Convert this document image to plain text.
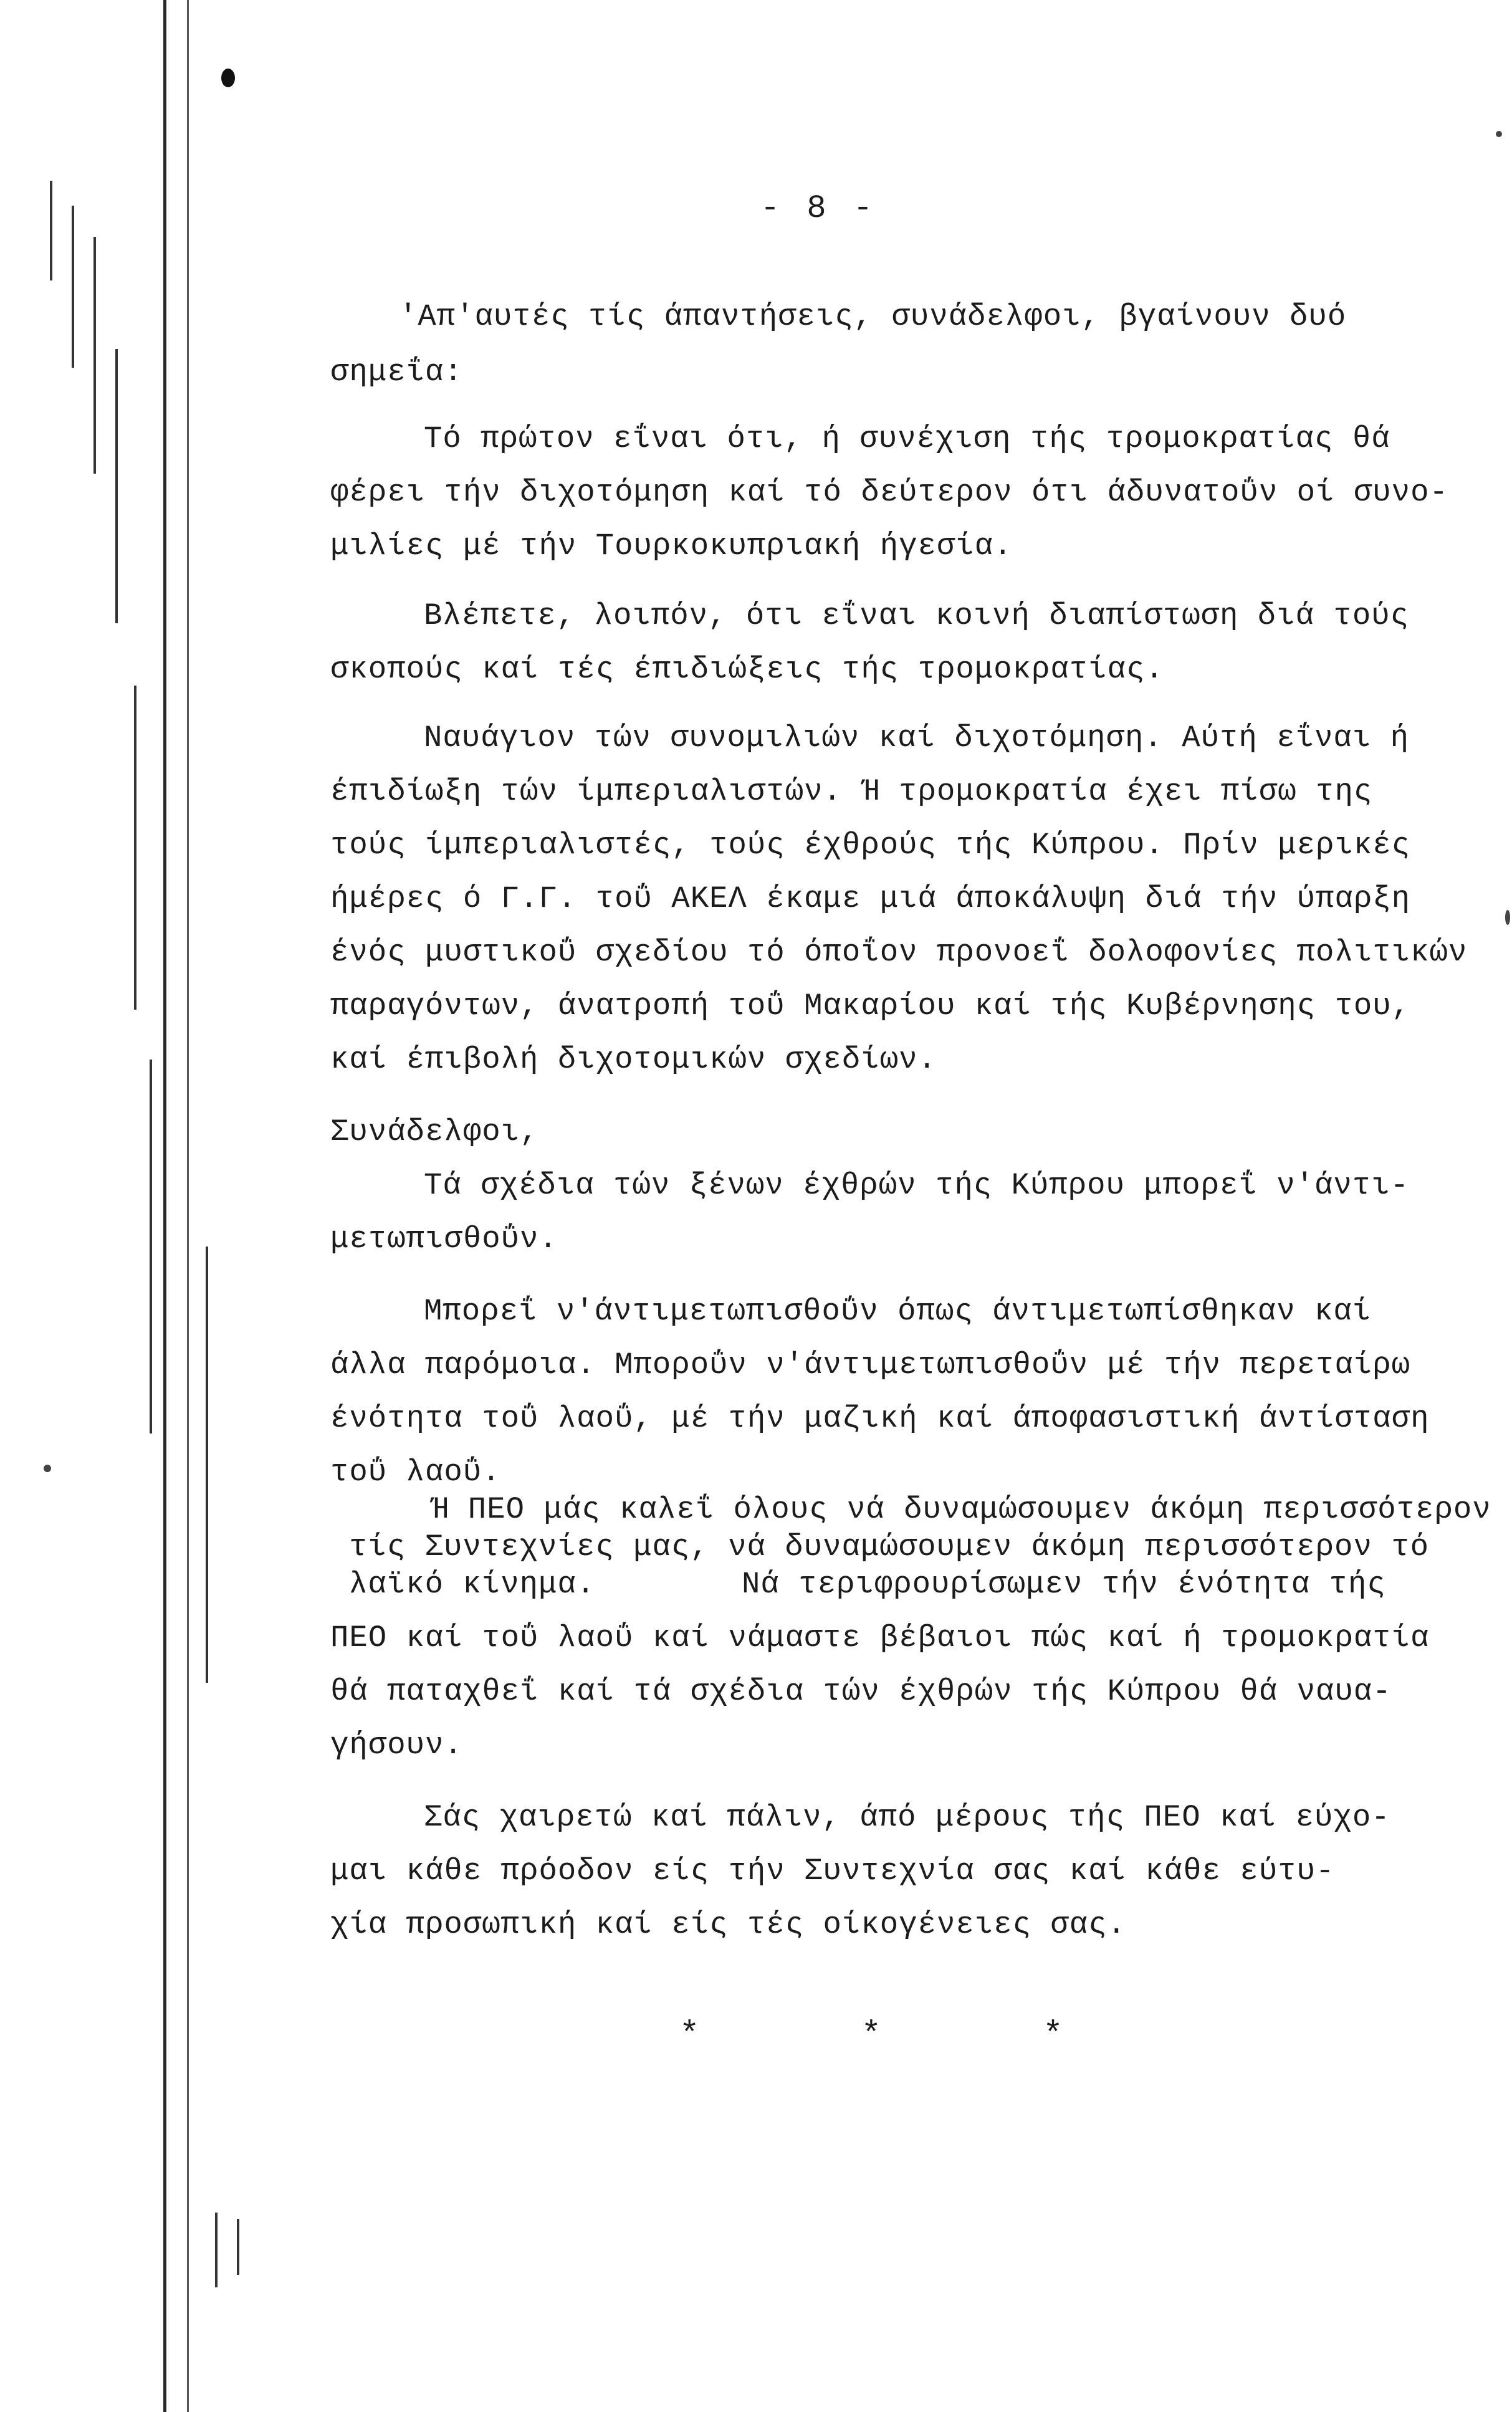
- 8 -
'Απ'αυτές τίς άπαντήσεις, συνάδελφοι, βγαίνουν δυό
σημεΐα:
Τό πρώτον εΐναι ότι, ή συνέχιση τής τρομοκρατίας θά
φέρει τήν διχοτόμηση καί τό δεύτερον ότι άδυνατοΰν οί συνο-
μιλίες μέ τήν Τουρκοκυπριακή ήγεσία.
Βλέπετε, λοιπόν, ότι εΐναι κοινή διαπίστωση διά τούς
σκοπούς καί τές έπιδιώξεις τής τρομοκρατίας.
Ναυάγιον τών συνομιλιών καί διχοτόμηση. Αύτή εΐναι ή
έπιδίωξη τών ίμπεριαλιστών. Ή τρομοκρατία έχει πίσω της
τούς ίμπεριαλιστές, τούς έχθρούς τής Κύπρου. Πρίν μερικές
ήμέρες ό Γ.Γ. τοΰ ΑΚΕΛ έκαμε μιά άποκάλυψη διά τήν ύπαρξη
ένός μυστικοΰ σχεδίου τό όποΐον προνοεΐ δολοφονίες πολιτικών
παραγόντων, άνατροπή τοΰ Μακαρίου καί τής Κυβέρνησης του,
καί έπιβολή διχοτομικών σχεδίων.
Συνάδελφοι,
Τά σχέδια τών ξένων έχθρών τής Κύπρου μπορεΐ ν'άντι-
μετωπισθοΰν.
Μπορεΐ ν'άντιμετωπισθοΰν όπως άντιμετωπίσθηκαν καί
άλλα παρόμοια. Μποροΰν ν'άντιμετωπισθοΰν μέ τήν περεταίρω
ένότητα τοΰ λαοΰ, μέ τήν μαζική καί άποφασιστική άντίσταση
τοΰ λαοΰ.
Ή ΠΕΟ μάς καλεΐ όλους νά δυναμώσουμεν άκόμη περισσότερον
τίς Συντεχνίες μας, νά δυναμώσουμεν άκόμη περισσότερον τό
λαϊκό κίνημα.	Νά τεριφρουρίσωμεν τήν ένότητα τής
ΠΕΟ καί τοΰ λαοΰ καί νάμαστε βέβαιοι πώς καί ή τρομοκρατία
θά παταχθεΐ καί τά σχέδια τών έχθρών τής Κύπρου θά ναυα-
γήσουν.
Σάς χαιρετώ καί πάλιν, άπό μέρους τής ΠΕΟ καί εύχο-
μαι κάθε πρόοδον είς τήν Συντεχνία σας καί κάθε εύτυ-
χία προσωπική καί είς τές οίκογένειες σας.
*        *        *
